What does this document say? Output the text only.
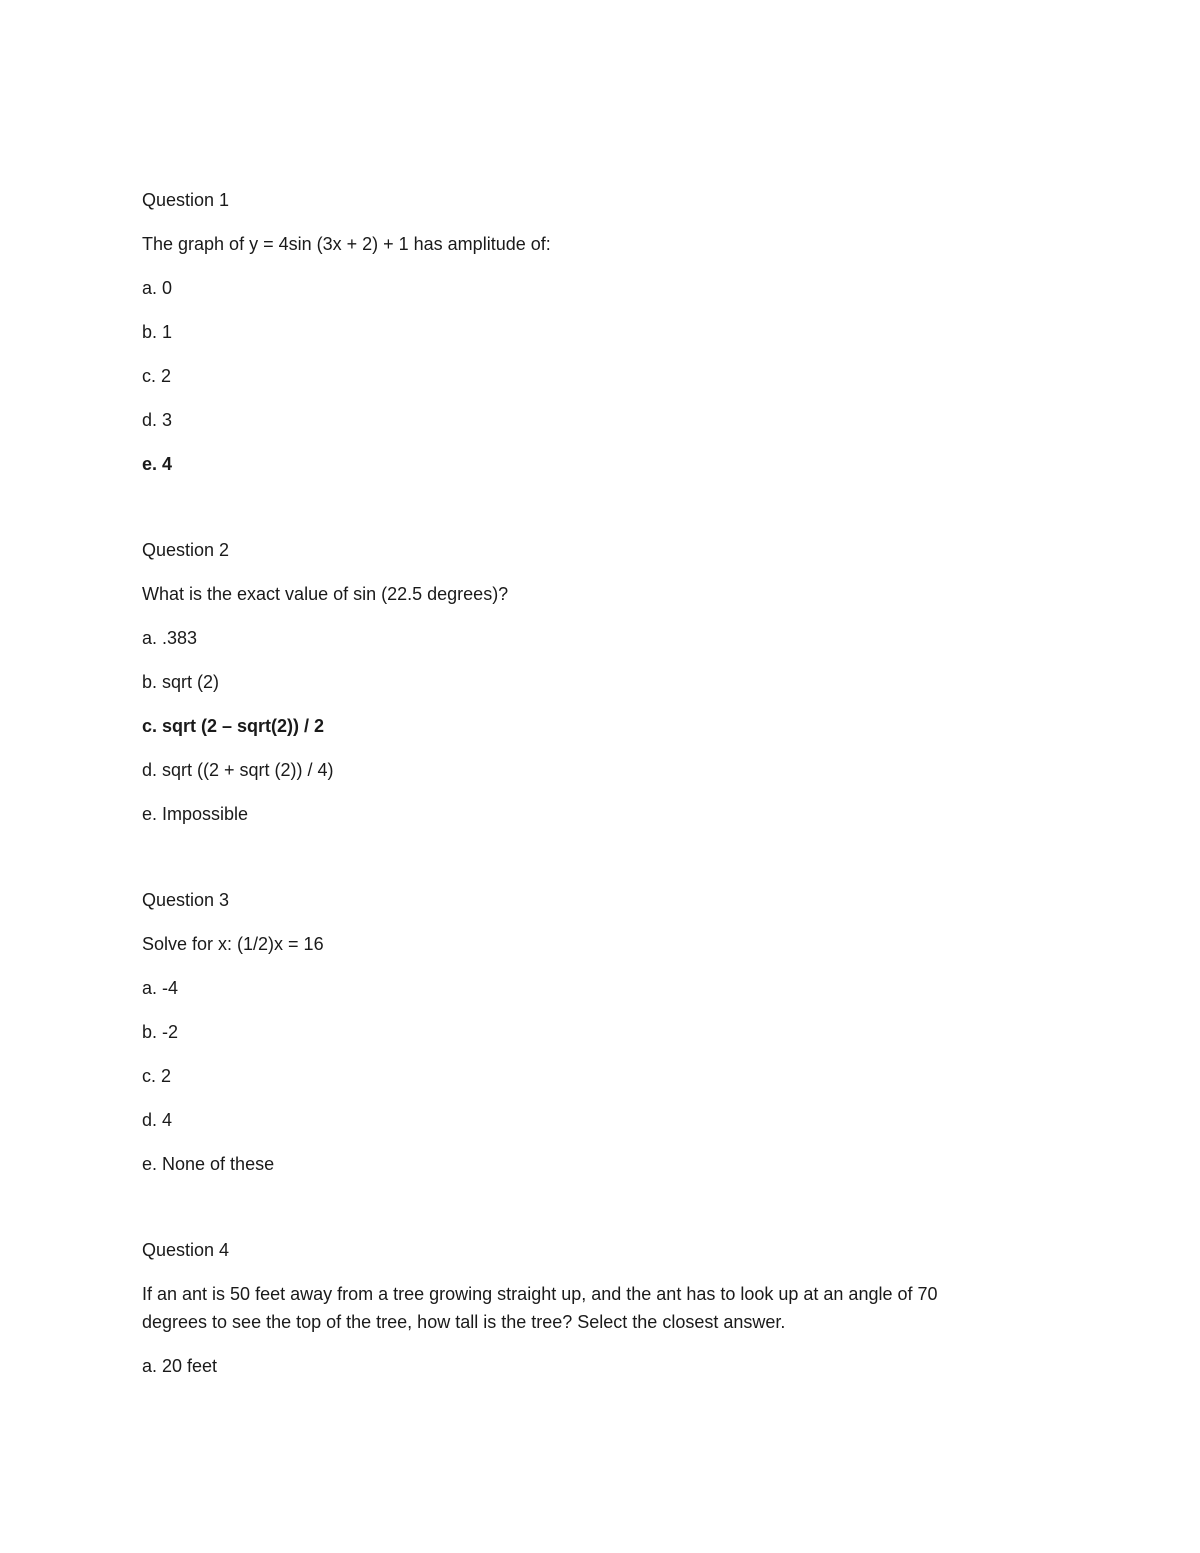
Question 1
The graph of y = 4sin (3x + 2) + 1 has amplitude of:
a. 0
b. 1
c. 2
d. 3
e. 4
Question 2
What is the exact value of sin (22.5 degrees)?
a. .383
b. sqrt (2)
c. sqrt (2 – sqrt(2)) / 2
d. sqrt ((2 + sqrt (2)) / 4)
e. Impossible
Question 3
Solve for x: (1/2)x = 16
a. -4
b. -2
c. 2
d. 4
e. None of these
Question 4
If an ant is 50 feet away from a tree growing straight up, and the ant has to look up at an angle of 70
degrees to see the top of the tree, how tall is the tree? Select the closest answer.
a. 20 feet
